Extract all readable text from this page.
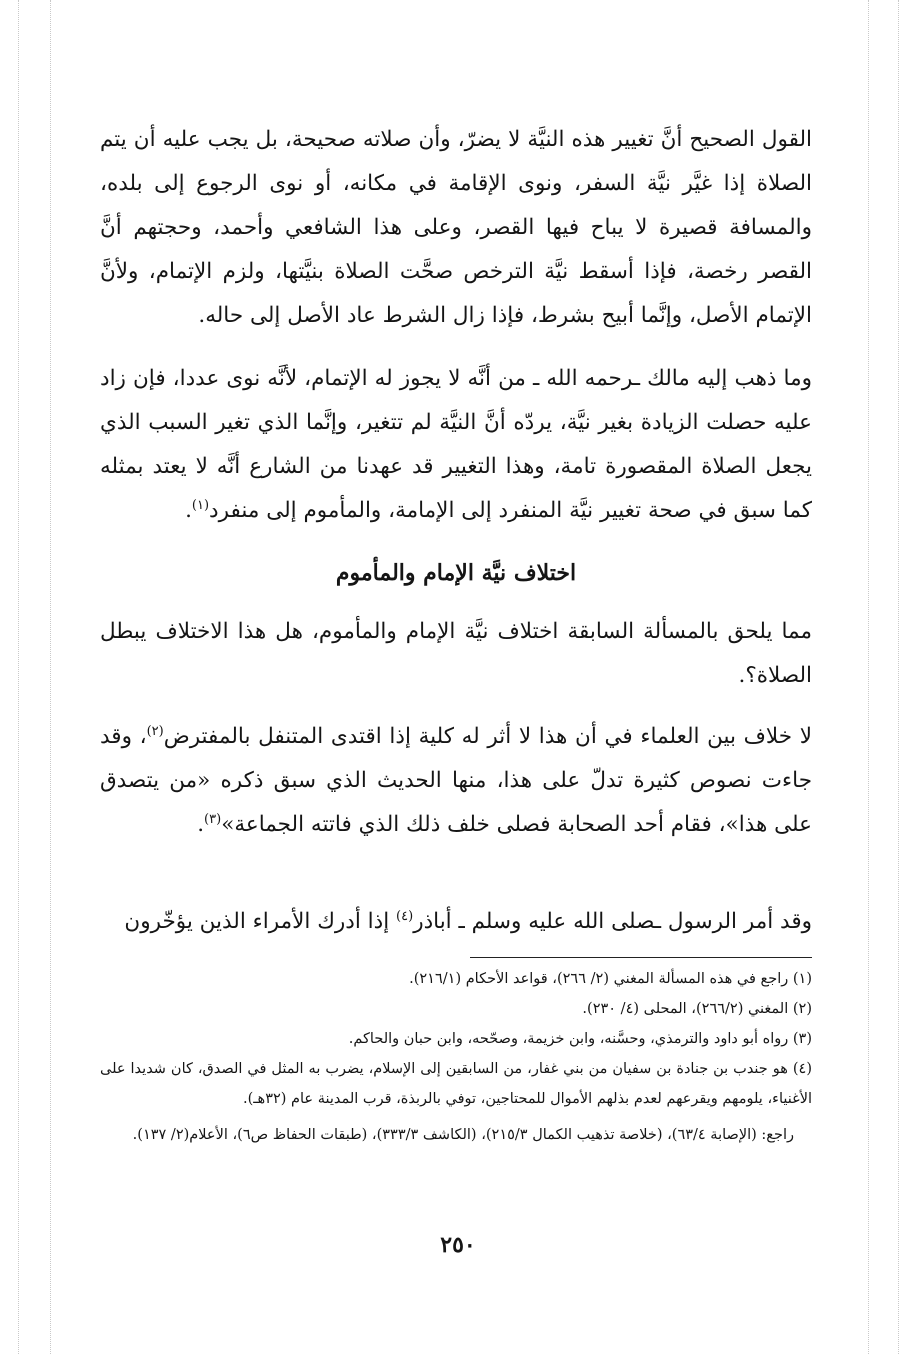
القول الصحيح أنَّ تغيير هذه النيَّة لا يضرّ، وأن صلاته صحيحة، بل يجب عليه أن يتم الصلاة إذا غيَّر نيَّة السفر، ونوى الإقامة في مكانه، أو نوى الرجوع إلى بلده، والمسافة قصيرة لا يباح فيها القصر، وعلى هذا الشافعي وأحمد، وحجتهم أنَّ القصر رخصة، فإذا أسقط نيَّة الترخص صحَّت الصلاة بنيَّتها، ولزم الإتمام، ولأنَّ الإتمام الأصل، وإنَّما أبيح بشرط، فإذا زال الشرط عاد الأصل إلى حاله.

وما ذهب إليه مالك ـرحمه الله ـ من أنَّه لا يجوز له الإتمام، لأنَّه نوى عددا، فإن زاد عليه حصلت الزيادة بغير نيَّة، يردّه أنَّ النيَّة لم تتغير، وإنَّما الذي تغير السبب الذي يجعل الصلاة المقصورة تامة، وهذا التغيير قد عهدنا من الشارع أنَّه لا يعتد بمثله كما سبق في صحة تغيير نيَّة المنفرد إلى الإمامة، والمأموم إلى منفرد$^{(١)}$.

اختلاف نيَّة الإمام والمأموم

مما يلحق بالمسألة السابقة اختلاف نيَّة الإمام والمأموم، هل هذا الاختلاف يبطل الصلاة؟.

لا خلاف بين العلماء في أن هذا لا أثر له كلية إذا اقتدى المتنفل بالمفترض$^{(٢)}$، وقد جاءت نصوص كثيرة تدلّ على هذا، منها الحديث الذي سبق ذكره «من يتصدق على هذا»، فقام أحد الصحابة فصلى خلف ذلك الذي فاتته الجماعة»$^{(٣)}$.

وقد أمر الرسول ـصلى الله عليه وسلم ـ أباذر$^{(٤)}$ إذا أدرك الأمراء الذين يؤخّرون

(١) راجع في هذه المسألة المغني (٢/ ٢٦٦)، قواعد الأحكام (٢١٦/١).

(٢) المغني (٢٦٦/٢)، المحلى (٤/ ٢٣٠).

(٣) رواه أبو داود والترمذي، وحسَّنه، وابن خزيمة، وصحّحه، وابن حبان والحاكم.

(٤) هو جندب بن جنادة بن سفيان من بني غفار، من السابقين إلى الإسلام، يضرب به المثل في الصدق، كان شديدا على الأغنياء، يلومهم ويقرعهم لعدم بذلهم الأموال للمحتاجين، توفي بالربذة، قرب المدينة عام (٣٢هـ).

راجع: (الإصابة ٦٣/٤)، (خلاصة تذهيب الكمال ٢١٥/٣)، (الكاشف ٣٣٣/٣)، (طبقات الحفاظ ص٦)، الأعلام(٢/ ١٣٧).

٢٥٠
